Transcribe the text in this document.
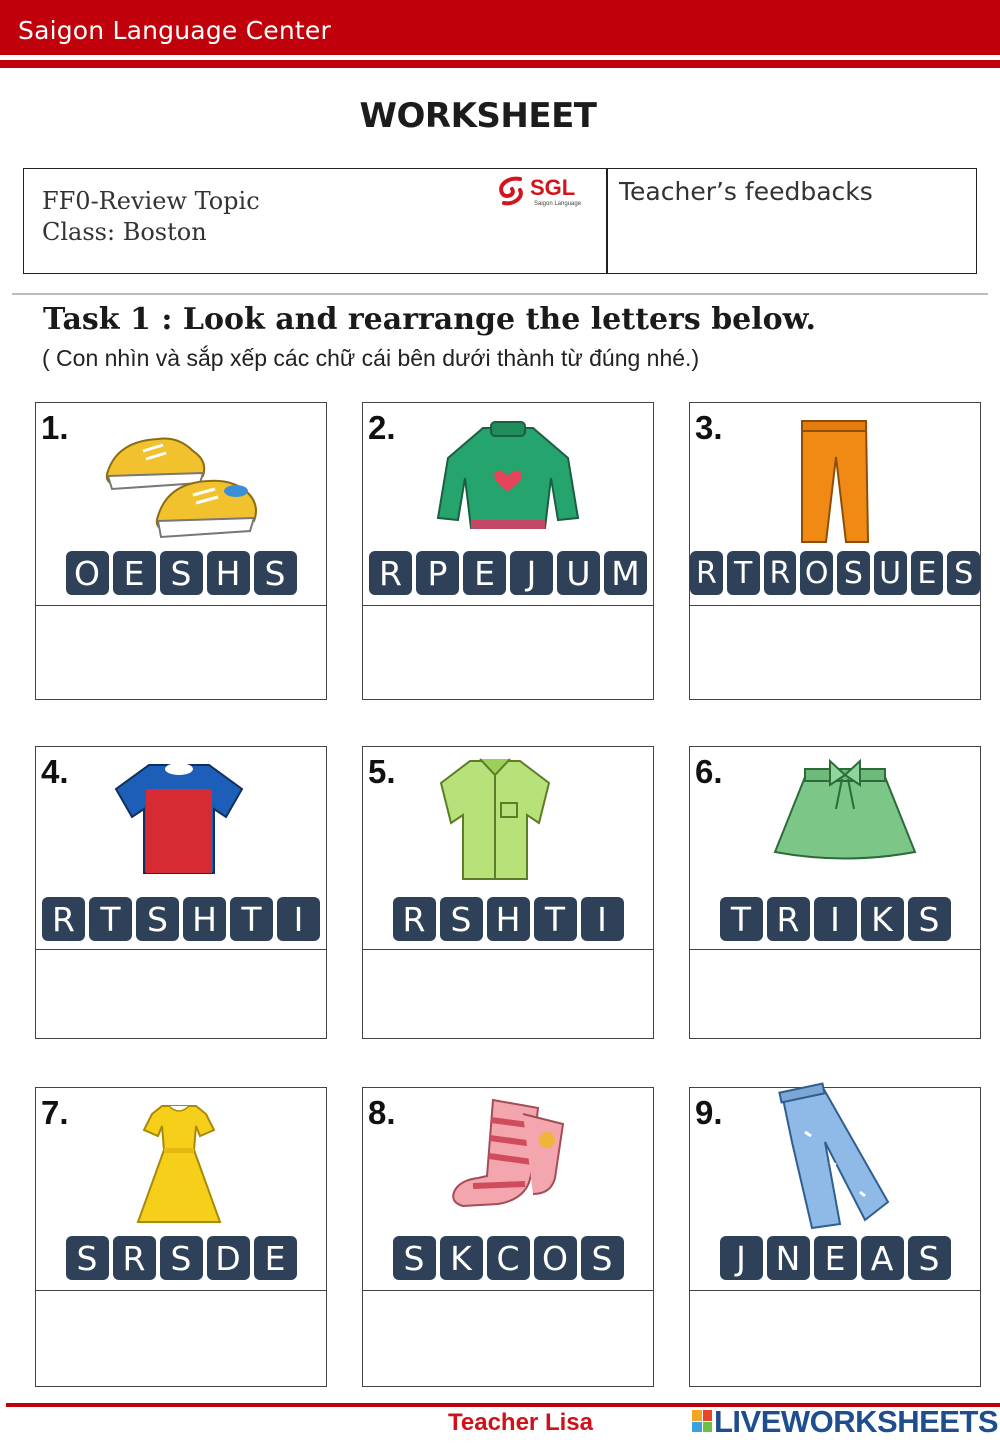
Saigon Language Center
WORKSHEET
FF0-Review Topic
Class: Boston
SGL
Saigon Language Teacher’s feedbacks
Task 1 : Look and rearrange the letters below.
( Con nhìn và sắp xếp các chữ cái bên dưới thành từ đúng nhé.)
1.
O E S H S
2.
R P E J U M
3.
R T R O S U E S
4.
R T S H T I
5.
R S H T I
6.
T R I K S
7.
S R S D E
8.
S K C O S
9.
J N E A S
Teacher Lisa	LIVEWORKSHEETS
